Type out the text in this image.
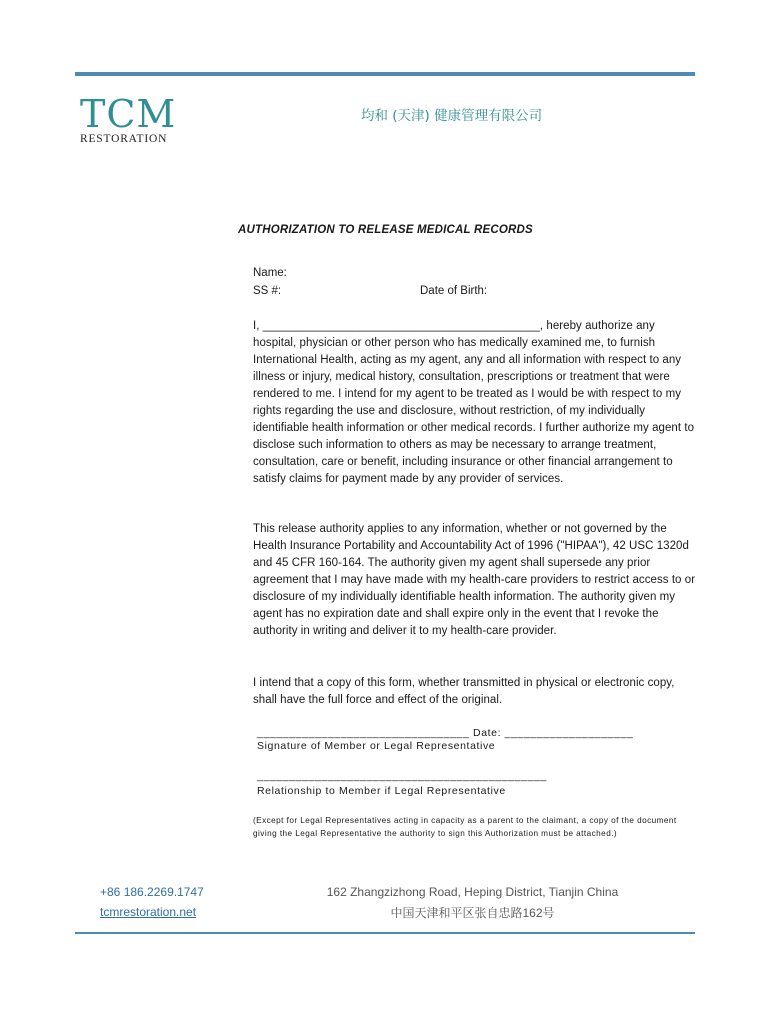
TCM
RESTORATION
均和 (天津) 健康管理有限公司
AUTHORIZATION TO RELEASE MEDICAL RECORDS
Name:
SS #:	Date of Birth:

I, ___________________________________________, hereby authorize any hospital, physician or other person who has medically examined me, to furnish International Health, acting as my agent, any and all information with respect to any illness or injury, medical history, consultation, prescriptions or treatment that were rendered to me. I intend for my agent to be treated as I would be with respect to my rights regarding the use and disclosure, without restriction, of my individually identifiable health information or other medical records. I further authorize my agent to disclose such information to others as may be necessary to arrange treatment, consultation, care or benefit, including insurance or other financial arrangement to satisfy claims for payment made by any provider of services.

This release authority applies to any information, whether or not governed by the Health Insurance Portability and Accountability Act of 1996 ("HIPAA"), 42 USC 1320d and 45 CFR 160-164. The authority given my agent shall supersede any prior agreement that I may have made with my health-care providers to restrict access to or disclosure of my individually identifiable health information. The authority given my agent has no expiration date and shall expire only in the event that I revoke the authority in writing and deliver it to my health-care provider.

I intend that a copy of this form, whether transmitted in physical or electronic copy, shall have the full force and effect of the original.

_________________________________ Date: ____________________
Signature of Member or Legal Representative
_____________________________________________
Relationship to Member if Legal Representative
(Except for Legal Representatives acting in capacity as a parent to the claimant, a copy of the document giving the Legal Representative the authority to sign this Authorization must be attached.)
+86 186.2269.1747
tcmrestoration.net
162 Zhangzizhong Road, Heping District, Tianjin China
中国天津和平区张自忠路162号
